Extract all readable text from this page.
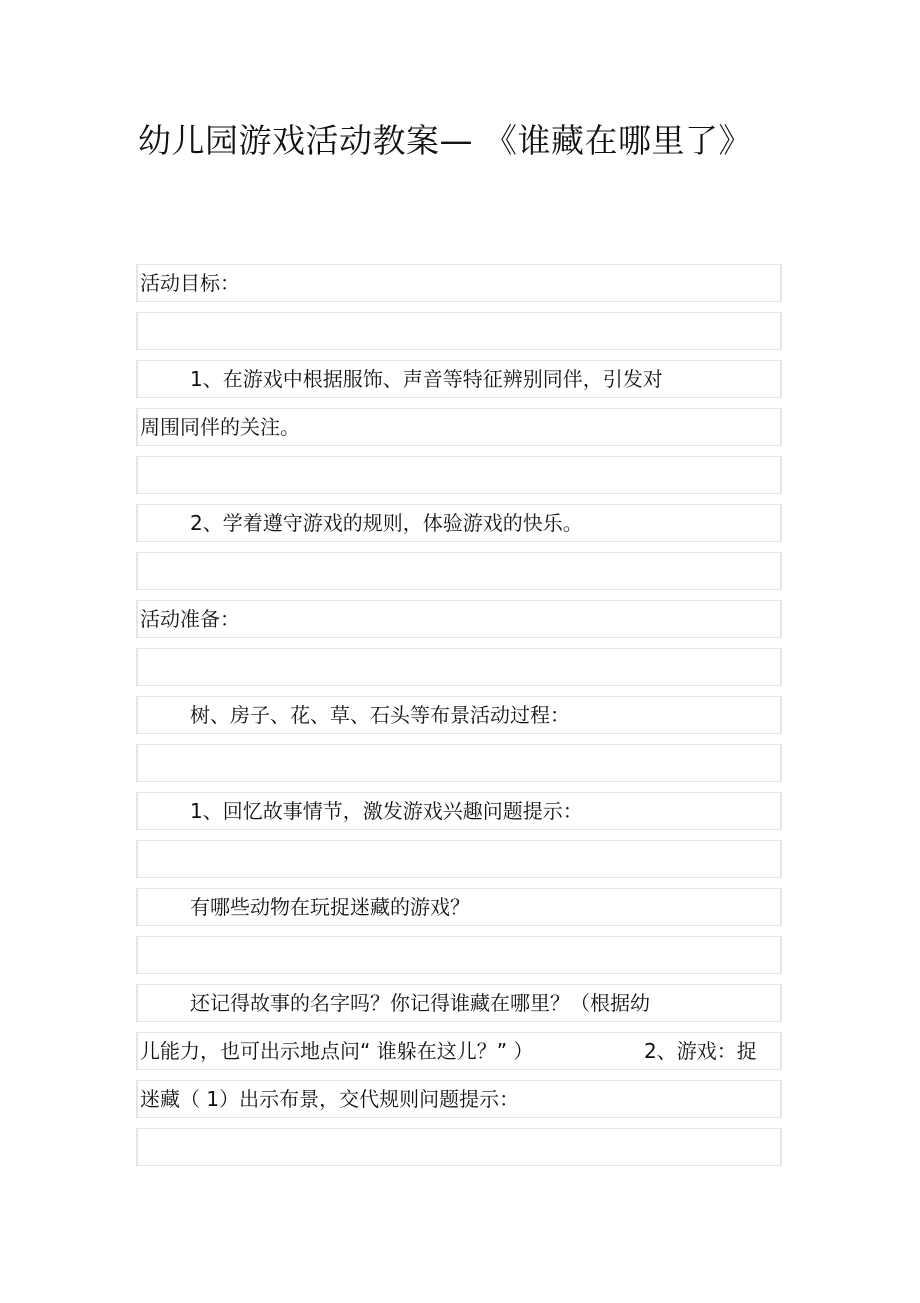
幼儿园游戏活动教案— 《谁藏在哪里了》
活动目标：
1、在游戏中根据服饰、声音等特征辨别同伴，引发对
周围同伴的关注。
2、学着遵守游戏的规则，体验游戏的快乐。
活动准备：
树、房子、花、草、石头等布景活动过程：
1、回忆故事情节，激发游戏兴趣问题提示：
有哪些动物在玩捉迷藏的游戏？
还记得故事的名字吗？你记得谁藏在哪里？（根据幼
儿能力，也可出示地点问“ 谁躲在这儿？” ）	2、游戏：捉
迷藏（ 1）出示布景，交代规则问题提示：
